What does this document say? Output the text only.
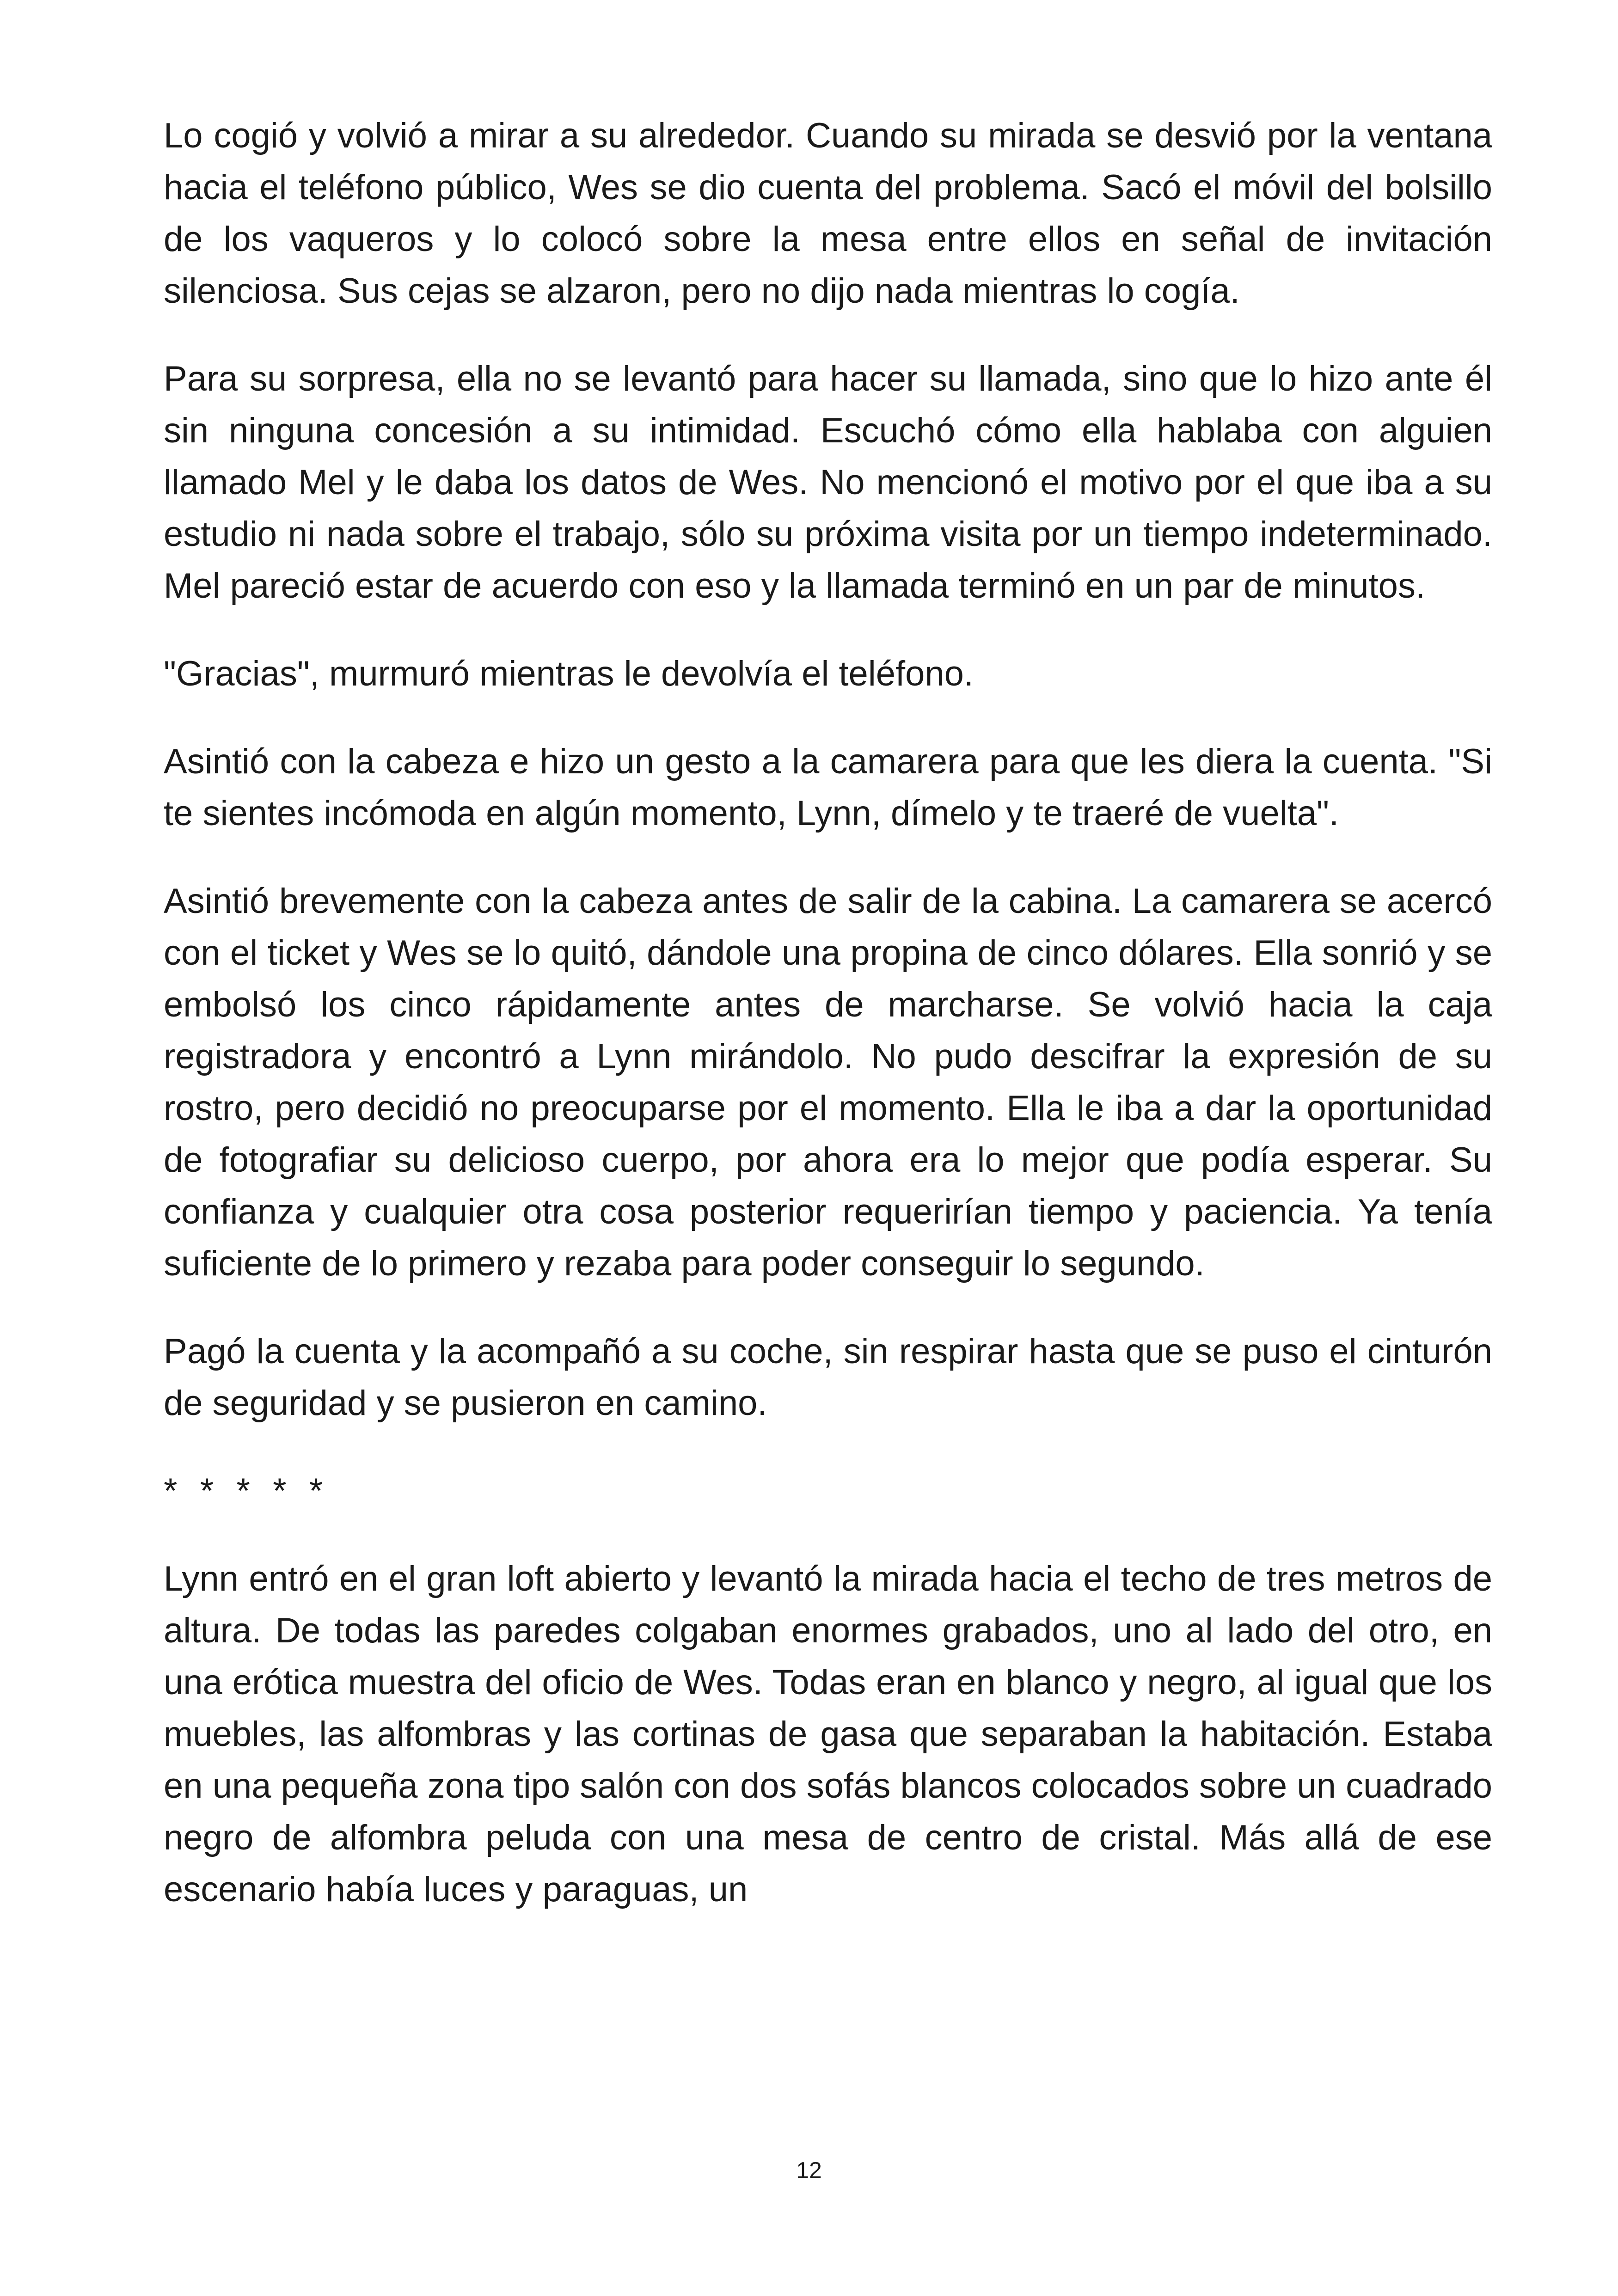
Lo cogió y volvió a mirar a su alrededor. Cuando su mirada se desvió por la ventana hacia el teléfono público, Wes se dio cuenta del problema. Sacó el móvil del bolsillo de los vaqueros y lo colocó sobre la mesa entre ellos en señal de invitación silenciosa. Sus cejas se alzaron, pero no dijo nada mientras lo cogía.

Para su sorpresa, ella no se levantó para hacer su llamada, sino que lo hizo ante él sin ninguna concesión a su intimidad. Escuchó cómo ella hablaba con alguien llamado Mel y le daba los datos de Wes. No mencionó el motivo por el que iba a su estudio ni nada sobre el trabajo, sólo su próxima visita por un tiempo indeterminado. Mel pareció estar de acuerdo con eso y la llamada terminó en un par de minutos.

"Gracias", murmuró mientras le devolvía el teléfono.

Asintió con la cabeza e hizo un gesto a la camarera para que les diera la cuenta. "Si te sientes incómoda en algún momento, Lynn, dímelo y te traeré de vuelta".

Asintió brevemente con la cabeza antes de salir de la cabina. La camarera se acercó con el ticket y Wes se lo quitó, dándole una propina de cinco dólares. Ella sonrió y se embolsó los cinco rápidamente antes de marcharse. Se volvió hacia la caja registradora y encontró a Lynn mirándolo. No pudo descifrar la expresión de su rostro, pero decidió no preocuparse por el momento. Ella le iba a dar la oportunidad de fotografiar su delicioso cuerpo, por ahora era lo mejor que podía esperar. Su confianza y cualquier otra cosa posterior requerirían tiempo y paciencia. Ya tenía suficiente de lo primero y rezaba para poder conseguir lo segundo.

Pagó la cuenta y la acompañó a su coche, sin respirar hasta que se puso el cinturón de seguridad y se pusieron en camino.

* * * * *

Lynn entró en el gran loft abierto y levantó la mirada hacia el techo de tres metros de altura. De todas las paredes colgaban enormes grabados, uno al lado del otro, en una erótica muestra del oficio de Wes. Todas eran en blanco y negro, al igual que los muebles, las alfombras y las cortinas de gasa que separaban la habitación. Estaba en una pequeña zona tipo salón con dos sofás blancos colocados sobre un cuadrado negro de alfombra peluda con una mesa de centro de cristal. Más allá de ese escenario había luces y paraguas, un

12
